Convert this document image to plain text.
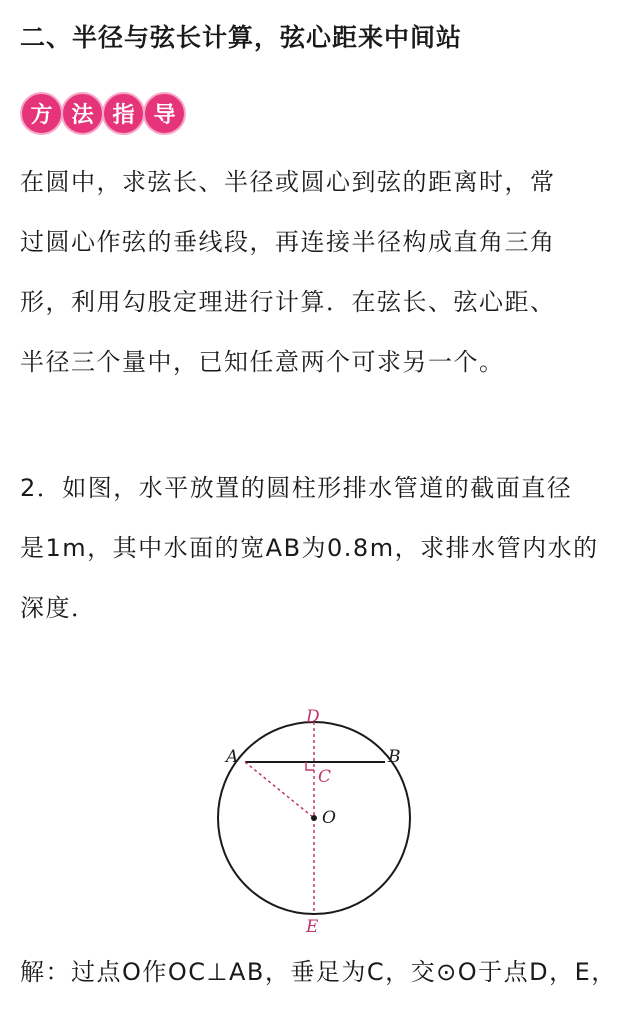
二、半径与弦长计算，弦心距来中间站
方 法 指 导

在圆中，求弦长、半径或圆心到弦的距离时，常
过圆心作弦的垂线段，再连接半径构成直角三角
形，利用勾股定理进行计算．在弦长、弦心距、
半径三个量中，已知任意两个可求另一个。

2．如图，水平放置的圆柱形排水管道的截面直径
是1m，其中水面的宽AB为0.8m，求排水管内水的
深度．

D
A	B
C
O
E

解：过点O作OC⊥AB，垂足为C，交⊙O于点D，E，
